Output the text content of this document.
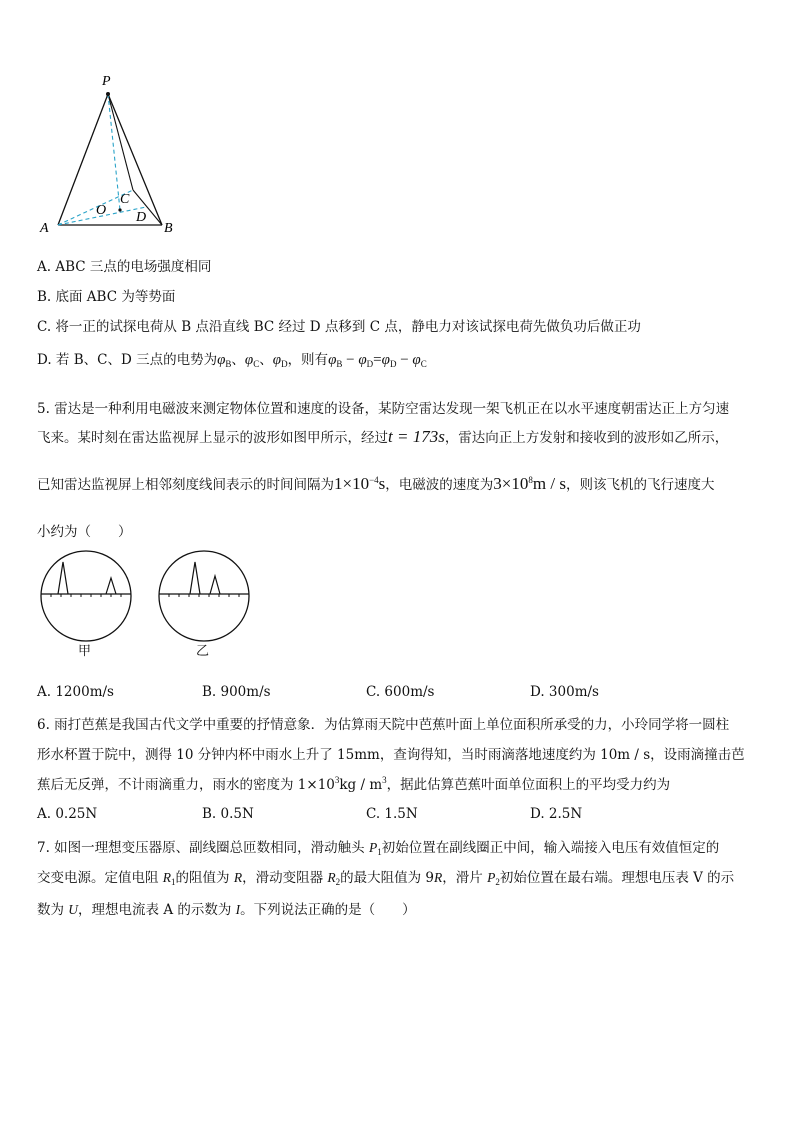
P
A	B
C
D
O
A. ABC 三点的电场强度相同
B. 底面 ABC 为等势面
C. 将一正的试探电荷从 B 点沿直线 BC 经过 D 点移到 C 点，静电力对该试探电荷先做负功后做正功
D. 若 B、C、D 三点的电势为$\varphi_B$、$\varphi_C$、$\varphi_D$，则有$\varphi_B - \varphi_D=\varphi_D - \varphi_C$
5. 雷达是一种利用电磁波来测定物体位置和速度的设备，某防空雷达发现一架飞机正在以水平速度朝雷达正上方匀速
飞来。某时刻在雷达监视屏上显示的波形如图甲所示，经过t = 173s，雷达向正上方发射和接收到的波形如乙所示，
已知雷达监视屏上相邻刻度线间表示的时间间隔为$1\times 10^{-4}s$，电磁波的速度为$3\times 10^8m / s$，则该飞机的飞行速度大
小约为（　　）
甲	乙
A. 1200m/s	B. 900m/s	C. 600m/s	D. 300m/s
6. 雨打芭蕉是我国古代文学中重要的抒情意象．为估算雨天院中芭蕉叶面上单位面积所承受的力，小玲同学将一圆柱
形水杯置于院中，测得 10 分钟内杯中雨水上升了 15mm，查询得知，当时雨滴落地速度约为 10m / s，设雨滴撞击芭
蕉后无反弹，不计雨滴重力，雨水的密度为 $1\times 10^3kg / m^3$，据此估算芭蕉叶面单位面积上的平均受力约为
A. 0.25N	B. 0.5N	C. 1.5N	D. 2.5N
7. 如图一理想变压器原、副线圈总匝数相同，滑动触头 $P_1$初始位置在副线圈正中间，输入端接入电压有效值恒定的
交变电源。定值电阻 $R_1$的阻值为 R，滑动变阻器 $R_2$的最大阻值为 9R，滑片 $P_2$初始位置在最右端。理想电压表 V 的示
数为 U，理想电流表 A 的示数为 I。下列说法正确的是（　　）
